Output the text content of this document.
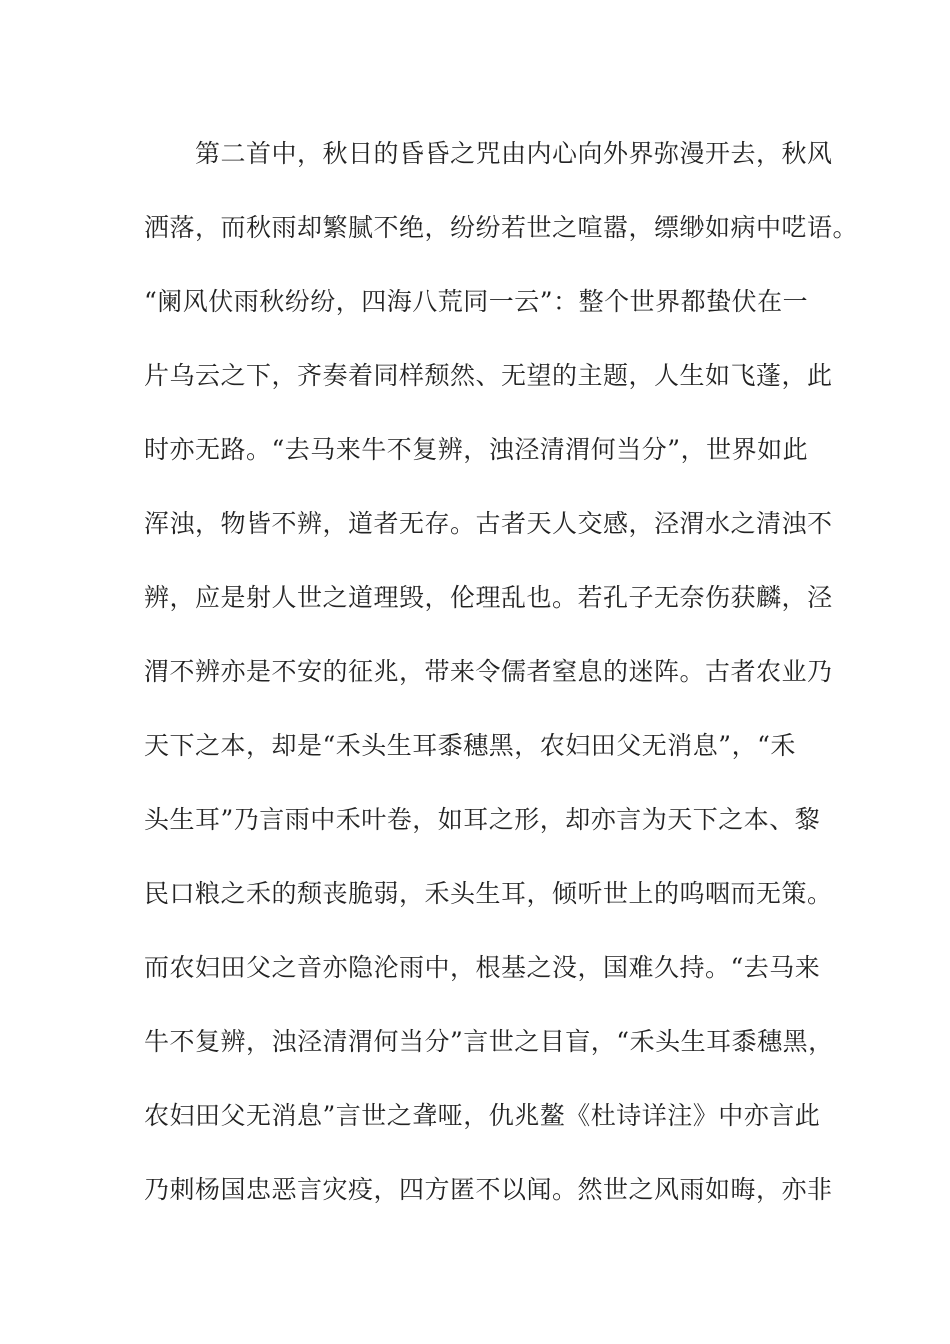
　　第二首中，秋日的昏昏之咒由内心向外界弥漫开去，秋风
洒落，而秋雨却繁腻不绝，纷纷若世之喧嚣，缥缈如病中呓语。
“阑风伏雨秋纷纷，四海八荒同一云”：整个世界都蛰伏在一
片乌云之下，齐奏着同样颓然、无望的主题，人生如飞蓬，此
时亦无路。“去马来牛不复辨，浊泾清渭何当分”，世界如此
浑浊，物皆不辨，道者无存。古者天人交感，泾渭水之清浊不
辨，应是射人世之道理毁，伦理乱也。若孔子无奈伤获麟，泾
渭不辨亦是不安的征兆，带来令儒者窒息的迷阵。古者农业乃
天下之本，却是“禾头生耳黍穗黑，农妇田父无消息”，“禾
头生耳”乃言雨中禾叶卷，如耳之形，却亦言为天下之本、黎
民口粮之禾的颓丧脆弱，禾头生耳，倾听世上的呜咽而无策。
而农妇田父之音亦隐沦雨中，根基之没，国难久持。“去马来
牛不复辨，浊泾清渭何当分”言世之目盲，“禾头生耳黍穗黑，
农妇田父无消息”言世之聋哑，仇兆鳌《杜诗详注》中亦言此
乃刺杨国忠恶言灾疫，四方匿不以闻。然世之风雨如晦，亦非
